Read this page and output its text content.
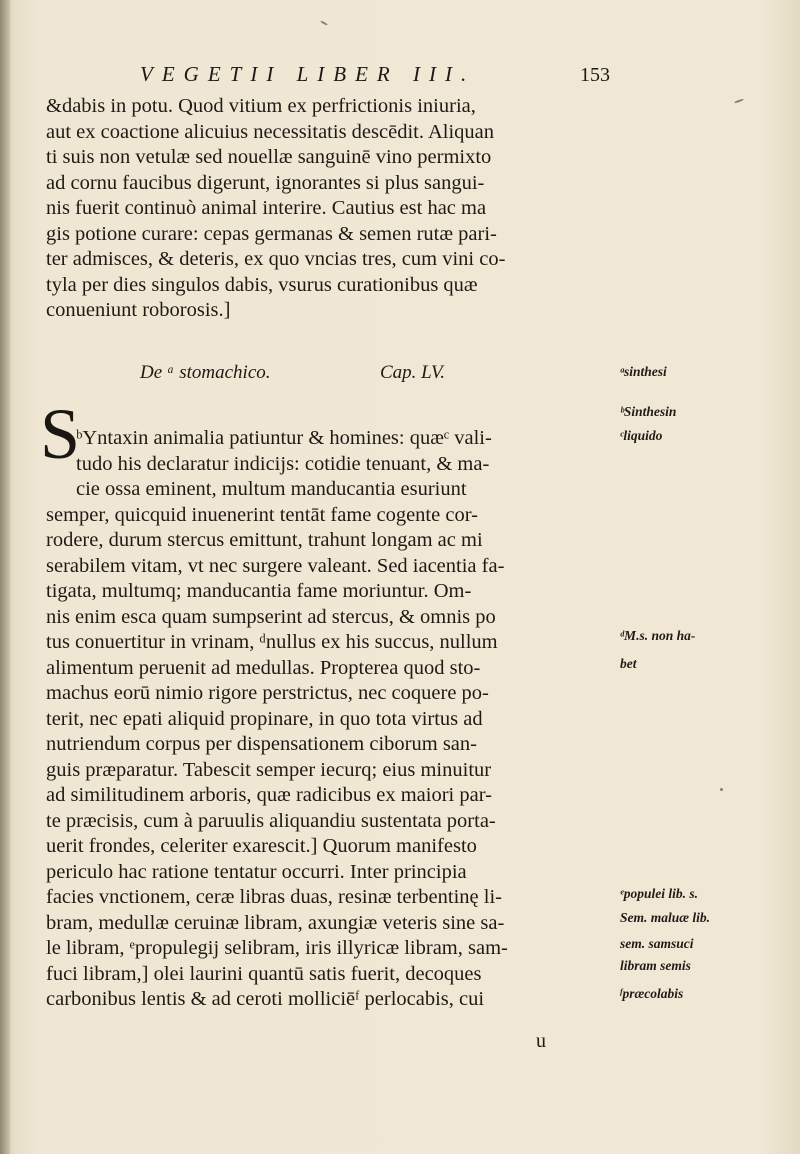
VEGETII LIBER III.	153
&dabis in potu. Quod vitium ex perfrictionis iniuria,
aut ex coactione alicuius necessitatis descēdit. Aliquan
ti suis non vetulæ sed nouellæ sanguinē vino permixto
ad cornu faucibus digerunt, ignorantes si plus sangui-
nis fuerit continuò animal interire. Cautius est hac ma
gis potione curare: cepas germanas & semen rutæ pari-
ter admisces, & deteris, ex quo vncias tres, cum vini co-
tyla per dies singulos dabis, vsurus curationibus quæ
conueniunt roborosis.]
De ᵃ stomachico.	Cap. LV.
S
ᵇYntaxin animalia patiuntur & homines: quæᶜ vali-
tudo his declaratur indicijs: cotidie tenuant, & ma-
cie ossa eminent, multum manducantia esuriunt
semper, quicquid inuenerint tentāt fame cogente cor-
rodere, durum stercus emittunt, trahunt longam ac mi
serabilem vitam, vt nec surgere valeant. Sed iacentia fa-
tigata, multumq; manducantia fame moriuntur. Om-
nis enim esca quam sumpserint ad stercus, & omnis po
tus conuertitur in vrinam, ᵈnullus ex his succus, nullum
alimentum peruenit ad medullas. Propterea quod sto-
machus eorū nimio rigore perstrictus, nec coquere po-
terit, nec epati aliquid propinare, in quo tota virtus ad
nutriendum corpus per dispensationem ciborum san-
guis præparatur. Tabescit semper iecurq; eius minuitur
ad similitudinem arboris, quæ radicibus ex maiori par-
te præcisis, cum à paruulis aliquandiu sustentata porta-
uerit frondes, celeriter exarescit.] Quorum manifesto
periculo hac ratione tentatur occurri. Inter principia
facies vnctionem, ceræ libras duas, resinæ terbentinę li-
bram, medullæ ceruinæ libram, axungiæ veteris sine sa-
le libram, ᵉpropulegij selibram, iris illyricæ libram, sam-
fuci libram,] olei laurini quantū satis fuerit, decoques
carbonibus lentis & ad ceroti molliciēᶠ perlocabis, cui
ᵃsinthesi
ᵇSinthesin
ᶜliquido
ᵈM.s. non ha-
bet
ᵉpopulei lib. s.
Sem. maluæ lib.
sem. samsuci
libram semis
ᶠpræcolabis
u
